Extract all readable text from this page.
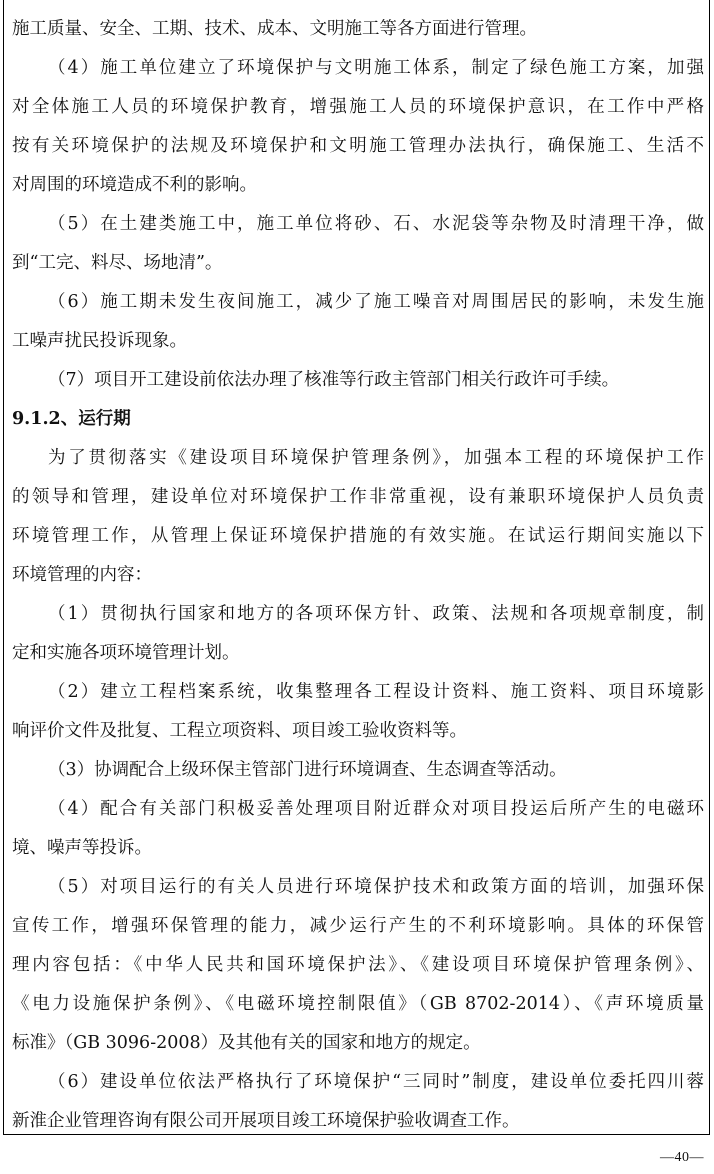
施工质量、安全、工期、技术、成本、文明施工等各方面进行管理。
（4）施工单位建立了环境保护与文明施工体系，制定了绿色施工方案，加强
对全体施工人员的环境保护教育，增强施工人员的环境保护意识，在工作中严格
按有关环境保护的法规及环境保护和文明施工管理办法执行，确保施工、生活不
对周围的环境造成不利的影响。
（5）在土建类施工中，施工单位将砂、石、水泥袋等杂物及时清理干净，做
到“工完、料尽、场地清”。
（6）施工期未发生夜间施工，减少了施工噪音对周围居民的影响，未发生施
工噪声扰民投诉现象。
（7）项目开工建设前依法办理了核准等行政主管部门相关行政许可手续。
9.1.2、运行期
为了贯彻落实《建设项目环境保护管理条例》，加强本工程的环境保护工作
的领导和管理，建设单位对环境保护工作非常重视，设有兼职环境保护人员负责
环境管理工作，从管理上保证环境保护措施的有效实施。在试运行期间实施以下
环境管理的内容：
（1）贯彻执行国家和地方的各项环保方针、政策、法规和各项规章制度，制
定和实施各项环境管理计划。
（2）建立工程档案系统，收集整理各工程设计资料、施工资料、项目环境影
响评价文件及批复、工程立项资料、项目竣工验收资料等。
（3）协调配合上级环保主管部门进行环境调查、生态调查等活动。
（4）配合有关部门积极妥善处理项目附近群众对项目投运后所产生的电磁环
境、噪声等投诉。
（5）对项目运行的有关人员进行环境保护技术和政策方面的培训，加强环保
宣传工作，增强环保管理的能力，减少运行产生的不利环境影响。具体的环保管
理内容包括：《中华人民共和国环境保护法》、《建设项目环境保护管理条例》、
《电力设施保护条例》、《电磁环境控制限值》（GB 8702-2014）、《声环境质量
标准》（GB 3096-2008）及其他有关的国家和地方的规定。
（6）建设单位依法严格执行了环境保护“三同时”制度，建设单位委托四川蓉
新淮企业管理咨询有限公司开展项目竣工环境保护验收调查工作。
—40—
